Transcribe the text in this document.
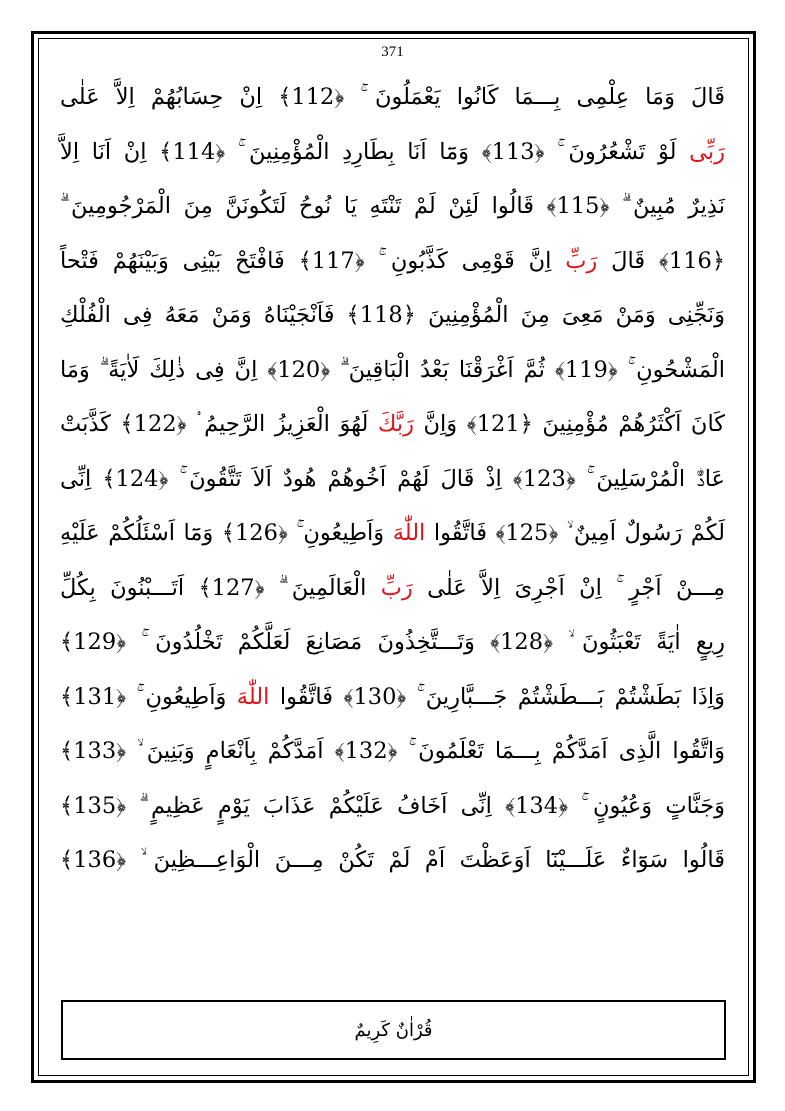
371
قَالَ وَمَا عِلْمِى بِـــمَا كَانُوا يَعْمَلُونَ ۚ ﴿112﴾ اِنْ حِسَابُهُمْ اِلاَّ عَلٰى
رَبِّى لَوْ تَشْعُرُونَ ۚ ﴿113﴾ وَمَٓا اَنَا بِطَارِدِ الْمُؤْمِنِينَ ۚ ﴿114﴾ اِنْ اَنَا اِلاَّ
نَذِيرٌ مُبِينٌ ۗ ﴿115﴾ قَالُوا لَئِنْ لَمْ تَنْتَهِ يَا نُوحُ لَتَكُونَنَّ مِنَ الْمَرْجُومِينَ ۗ
﴿116﴾ قَالَ رَبِّ اِنَّ قَوْمِى كَذَّبُونِ ۚ ﴿117﴾ فَافْتَحْ بَيْنِى وَبَيْنَهُمْ فَتْحاً
وَنَجِّنِى وَمَنْ مَعِىَ مِنَ الْمُؤْمِنِينَ ﴿118﴾ فَاَنْجَيْنَاهُ وَمَنْ مَعَهُ فِى الْفُلْكِ
الْمَشْحُونِ ۚ ﴿119﴾ ثُمَّ اَغْرَقْنَا بَعْدُ الْبَاقِينَ ۗ ﴿120﴾ اِنَّ فِى ذٰلِكَ لَاٰيَةً ۗ وَمَا
كَانَ اَكْثَرُهُمْ مُؤْمِنِينَ ﴿121﴾ وَاِنَّ رَبَّكَ لَهُوَ الْعَزِيزُ الرَّحِيمُ ۟ ﴿122﴾ كَذَّبَتْ
عَادٌۨ الْمُرْسَلِينَ ۚ ﴿123﴾ اِذْ قَالَ لَهُمْ اَخُوهُمْ هُودٌ اَلاَ تَتَّقُونَ ۚ ﴿124﴾ اِنِّى
لَكُمْ رَسُولٌ اَمِينٌ ۙ ﴿125﴾ فَاتَّقُوا اللّٰهَ وَاَطِيعُونِ ۚ ﴿126﴾ وَمَٓا اَسْئَلُكُمْ عَلَيْهِ
مِـــنْ اَجْرٍ ۚ اِنْ اَجْرِىَ اِلاَّ عَلٰى رَبِّ الْعَالَمِينَ ۗ ﴿127﴾ اَتَـــبْنُونَ بِكُلِّ
رِيعٍ اٰيَةً تَعْبَثُونَ ۙ ﴿128﴾ وَتَـــتَّخِذُونَ مَصَانِعَ لَعَلَّكُمْ تَخْلُدُونَ ۚ ﴿129﴾
وَاِذَا بَطَشْتُمْ بَـــطَشْتُمْ جَـــبَّارِينَ ۚ ﴿130﴾ فَاتَّقُوا اللّٰهَ وَاَطِيعُونِ ۚ ﴿131﴾
وَاتَّقُوا الَّذِى اَمَدَّكُمْ بِـــمَا تَعْلَمُونَ ۚ ﴿132﴾ اَمَدَّكُمْ بِاَنْعَامٍ وَبَنِينَ ۙ ﴿133﴾
وَجَنَّاتٍ وَعُيُونٍ ۚ ﴿134﴾ اِنِّى اَخَافُ عَلَيْكُمْ عَذَابَ يَوْمٍ عَظِيمٍ ۗ ﴿135﴾
قَالُوا سَوَٓاءٌ عَلَـــيْنَٓا اَوَعَظْتَ اَمْ لَمْ تَكُنْ مِـــنَ الْوَاعِـــظِينَ ۙ ﴿136﴾
قُرْاٰنٌ كَرِيمٌ
